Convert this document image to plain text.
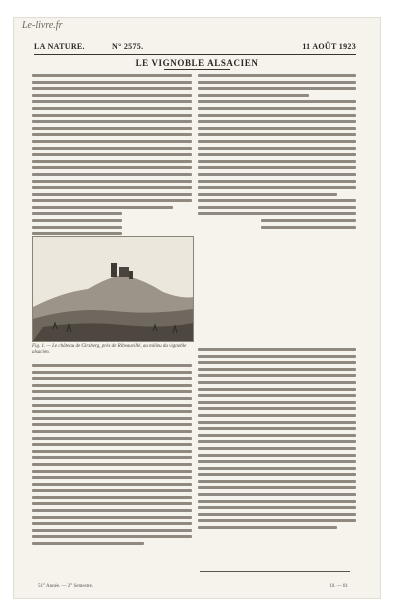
Le-livre.fr
LA NATURE.	N° 2575.	11 AOÛT 1923
LE VIGNOBLE ALSACIEN
Fig. 1. — Le château de Girsberg, près de Ribeauvillé, au milieu du vignoble alsacien.
51° Année. — 2° Semestre.	10. — 81
